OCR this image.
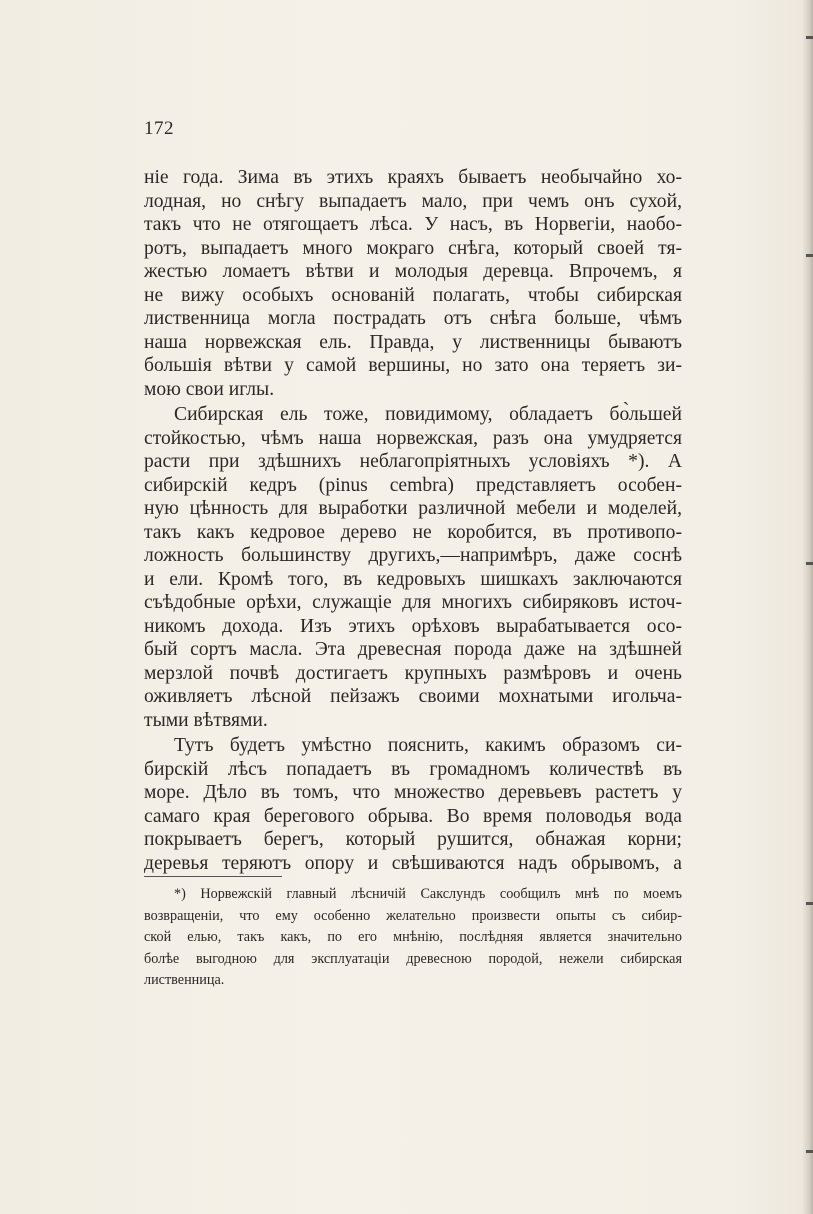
172

ніе года. Зима въ этихъ краяхъ бываетъ необычайно хо-
лодная, но снѣгу выпадаетъ мало, при чемъ онъ сухой,
такъ что не отягощаетъ лѣса. У насъ, въ Норвегіи, наобо-
ротъ, выпадаетъ много мокраго снѣга, который своей тя-
жестью ломаетъ вѣтви и молодыя деревца. Впрочемъ, я
не вижу особыхъ основаній полагать, чтобы сибирская
лиственница могла пострадать отъ снѣга больше, чѣмъ
наша норвежская ель. Правда, у лиственницы бываютъ
большія вѣтви у самой вершины, но зато она теряетъ зи-
мою свои иглы.

Сибирская ель тоже, повидимому, обладаетъ бо̀льшей
стойкостью, чѣмъ наша норвежская, разъ она умудряется
расти при здѣшнихъ неблагопріятныхъ условіяхъ *). А
сибирскій кедръ (pinus cembra) представляетъ особен-
ную цѣнность для выработки различной мебели и моделей,
такъ какъ кедровое дерево не коробится, въ противопо-
ложность большинству другихъ,—напримѣръ, даже соснѣ
и ели. Кромѣ того, въ кедровыхъ шишкахъ заключаются
съѣдобные орѣхи, служащіе для многихъ сибиряковъ источ-
никомъ дохода. Изъ этихъ орѣховъ вырабатывается осо-
бый сортъ масла. Эта древесная порода даже на здѣшней
мерзлой почвѣ достигаетъ крупныхъ размѣровъ и очень
оживляетъ лѣсной пейзажъ своими мохнатыми игольча-
тыми вѣтвями.

Тутъ будетъ умѣстно пояснить, какимъ образомъ си-
бирскій лѣсъ попадаетъ въ громадномъ количествѣ въ
море. Дѣло въ томъ, что множество деревьевъ растетъ у
самаго края берегового обрыва. Во время половодья вода
покрываетъ берегъ, который рушится, обнажая корни;
деревья теряютъ опору и свѣшиваются надъ обрывомъ, а

*) Норвежскій главный лѣсничій Сакслундъ сообщилъ мнѣ по моемъ
возвращеніи, что ему особенно желательно произвести опыты съ сибир-
ской елью, такъ какъ, по его мнѣнію, послѣдняя является значительно
болѣе выгодною для эксплуатаціи древесною породой, нежели сибирская
лиственница.
